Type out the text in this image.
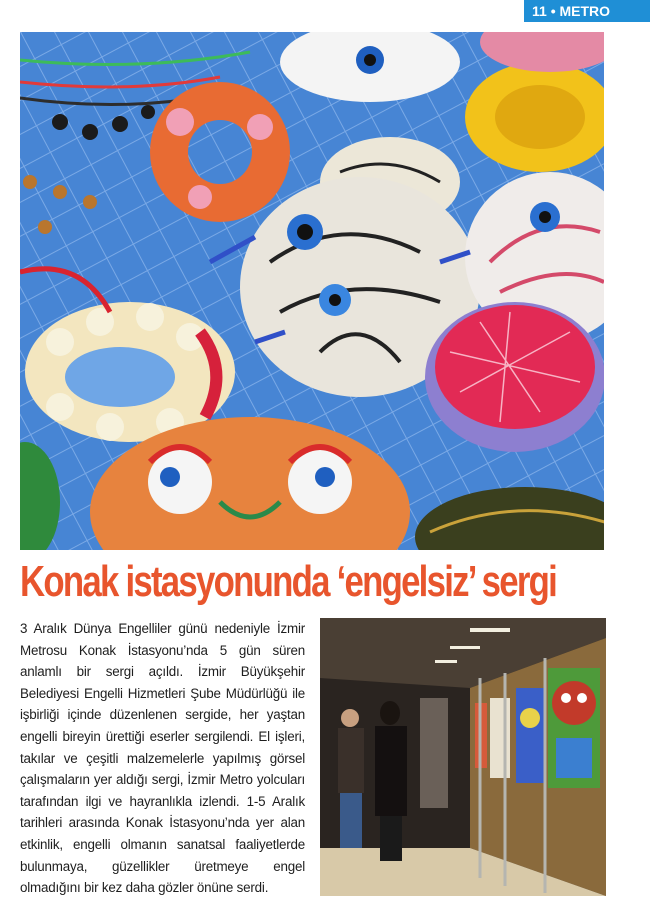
11 • METRO
Konak istasyonunda ‘engelsiz’ sergi
3 Aralık Dünya Engelliler günü nedeniyle İzmir Metrosu Konak İstasyonu’nda 5 gün süren anlamlı bir sergi açıldı. İzmir Büyükşehir Belediyesi Engelli Hizmetleri Şube Müdürlüğü ile işbirliği içinde düzenlenen sergide, her yaştan engelli bireyin ürettiği eserler sergilendi. El işleri, takılar ve çeşitli malzemelerle yapılmış görsel çalışmaların yer aldığı sergi, İzmir Metro yolcuları tarafından ilgi ve hayranlıkla izlendi. 1-5 Aralık tarihleri arasında Konak İstasyonu’nda yer alan etkinlik, engelli olmanın sanatsal faaliyetlerde bulunmaya, güzellikler üretmeye engel olmadığını bir kez daha gözler önüne serdi.
